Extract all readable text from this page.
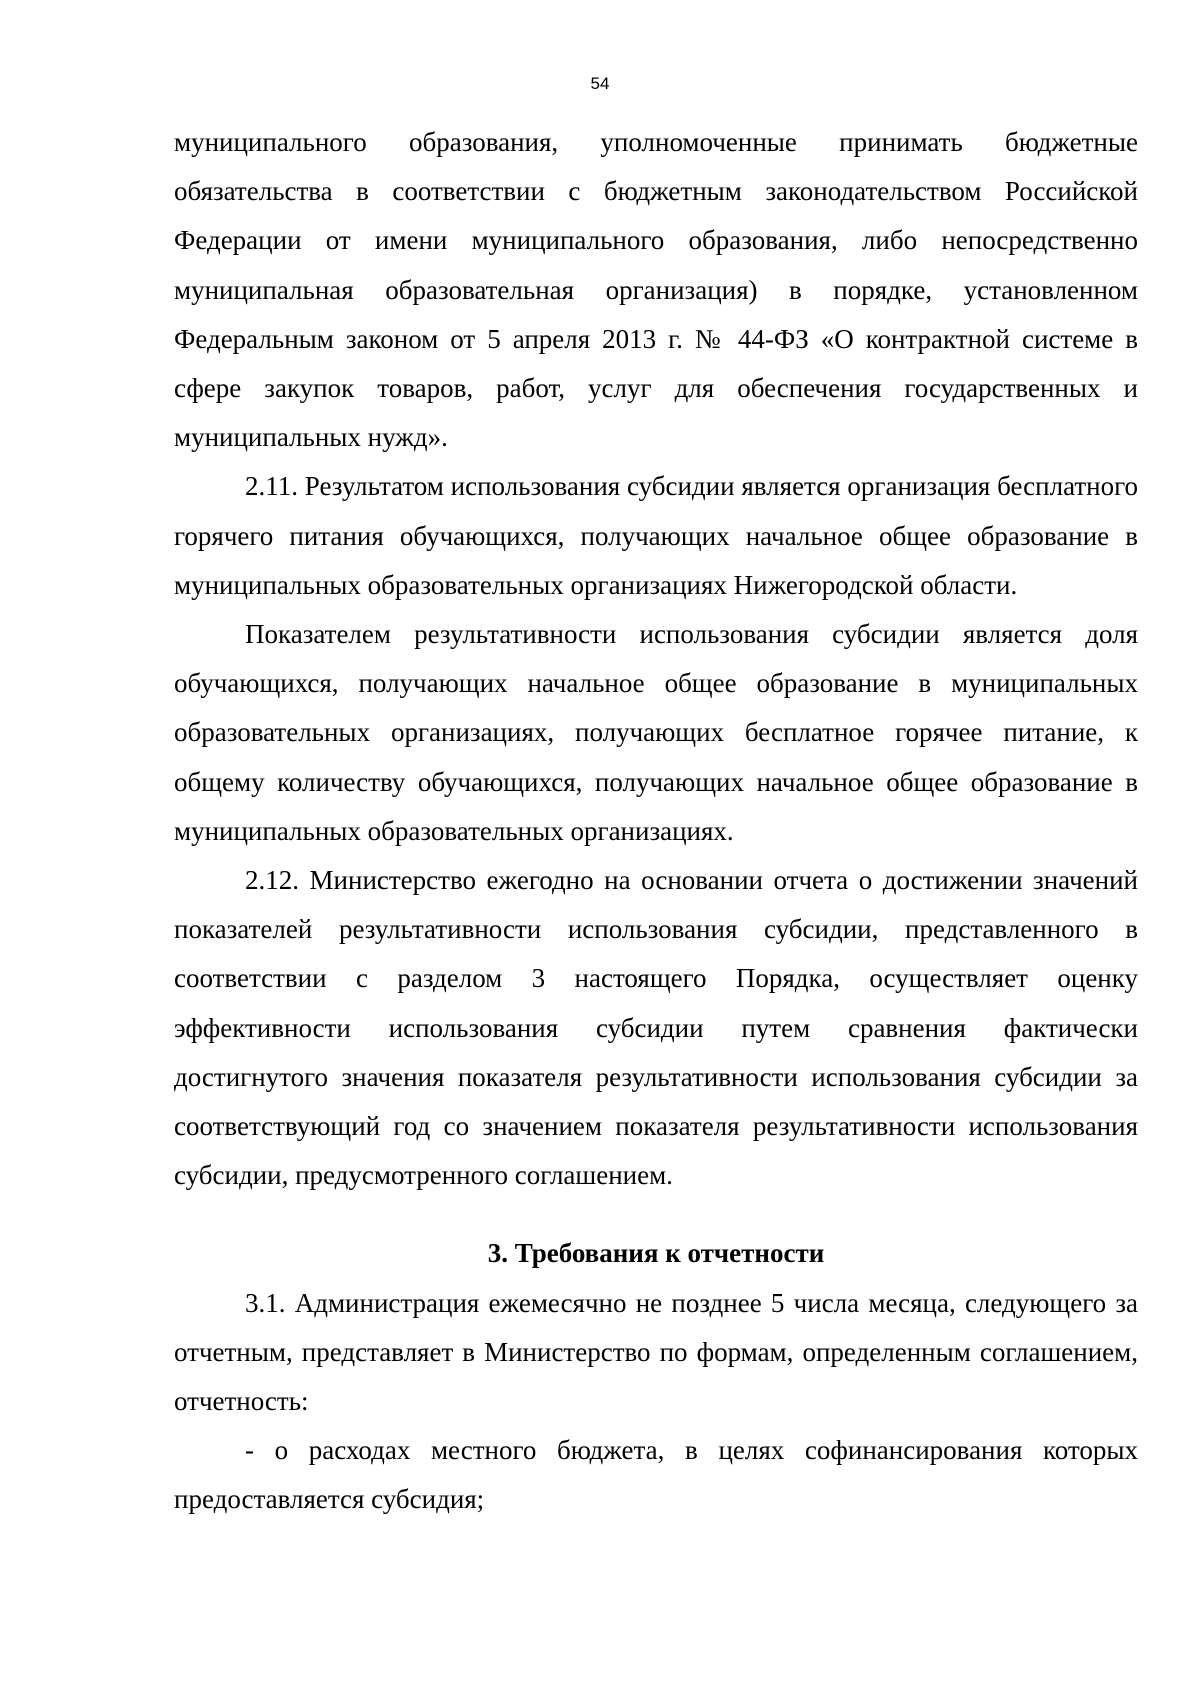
54

муниципального образования, уполномоченные принимать бюджетные обязательства в соответствии с бюджетным законодательством Российской Федерации от имени муниципального образования, либо непосредственно муниципальная образовательная организация) в порядке, установленном Федеральным законом от 5 апреля 2013 г. № 44-ФЗ «О контрактной системе в сфере закупок товаров, работ, услуг для обеспечения государственных и муниципальных нужд».

2.11. Результатом использования субсидии является организация бесплатного горячего питания обучающихся, получающих начальное общее образование в муниципальных образовательных организациях Нижегородской области.

Показателем результативности использования субсидии является доля обучающихся, получающих начальное общее образование в муниципальных образовательных организациях, получающих бесплатное горячее питание, к общему количеству обучающихся, получающих начальное общее образование в муниципальных образовательных организациях.

2.12. Министерство ежегодно на основании отчета о достижении значений показателей результативности использования субсидии, представленного в соответствии с разделом 3 настоящего Порядка, осуществляет оценку эффективности использования субсидии путем сравнения фактически достигнутого значения показателя результативности использования субсидии за соответствующий год со значением показателя результативности использования субсидии, предусмотренного соглашением.

3. Требования к отчетности

3.1. Администрация ежемесячно не позднее 5 числа месяца, следующего за отчетным, представляет в Министерство по формам, определенным соглашением, отчетность:

- о расходах местного бюджета, в целях софинансирования которых предоставляется субсидия;
